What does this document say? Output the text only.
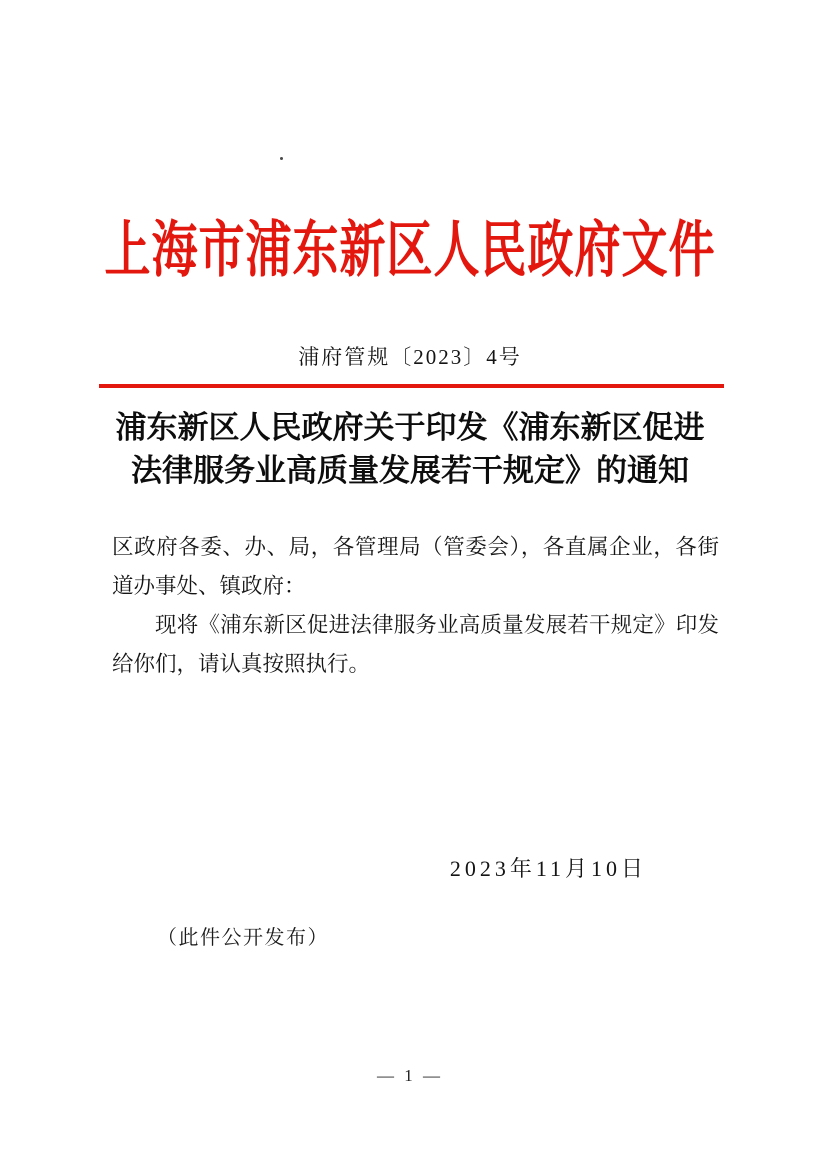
上海市浦东新区人民政府文件
浦府管规〔2023〕4号
浦东新区人民政府关于印发《浦东新区促进
法律服务业高质量发展若干规定》的通知
区政府各委、办、局，各管理局（管委会），各直属企业，各街道办事处、镇政府：
现将《浦东新区促进法律服务业高质量发展若干规定》印发给你们，请认真按照执行。
2023年11月10日
（此件公开发布）
— 1 —
